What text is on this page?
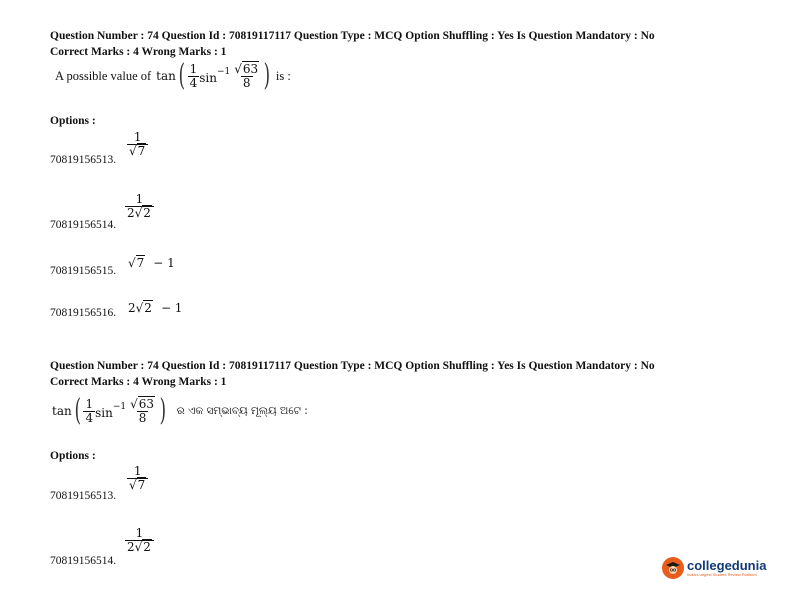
Question Number : 74 Question Id : 70819117117 Question Type : MCQ Option Shuffling : Yes Is Question Mandatory : No
Correct Marks : 4 Wrong Marks : 1
A possible value of tan ( $\frac{1}{4} \sin^{-1} \frac{√63}{8}$ ) is :
Options :
70819156513.
$\frac{1}{√7}$
70819156514.
$\frac{1}{2√2}$
70819156515.
√7 − 1
70819156516. 2 √2 − 1
Question Number : 74 Question Id : 70819117117 Question Type : MCQ Option Shuffling : Yes Is Question Mandatory : No
Correct Marks : 4 Wrong Marks : 1
tan ( $\frac{1}{4} \sin^{-1} \frac{√63}{8}$ ) ର ଏକ ସମ୍ଭାବ୍ୟ ମୂଲ୍ୟ ଅଟେ :
Options :
70819156513.
$\frac{1}{√7}$
70819156514.
$\frac{1}{2√2}$
collegedunia
India's largest Student Review Platform
